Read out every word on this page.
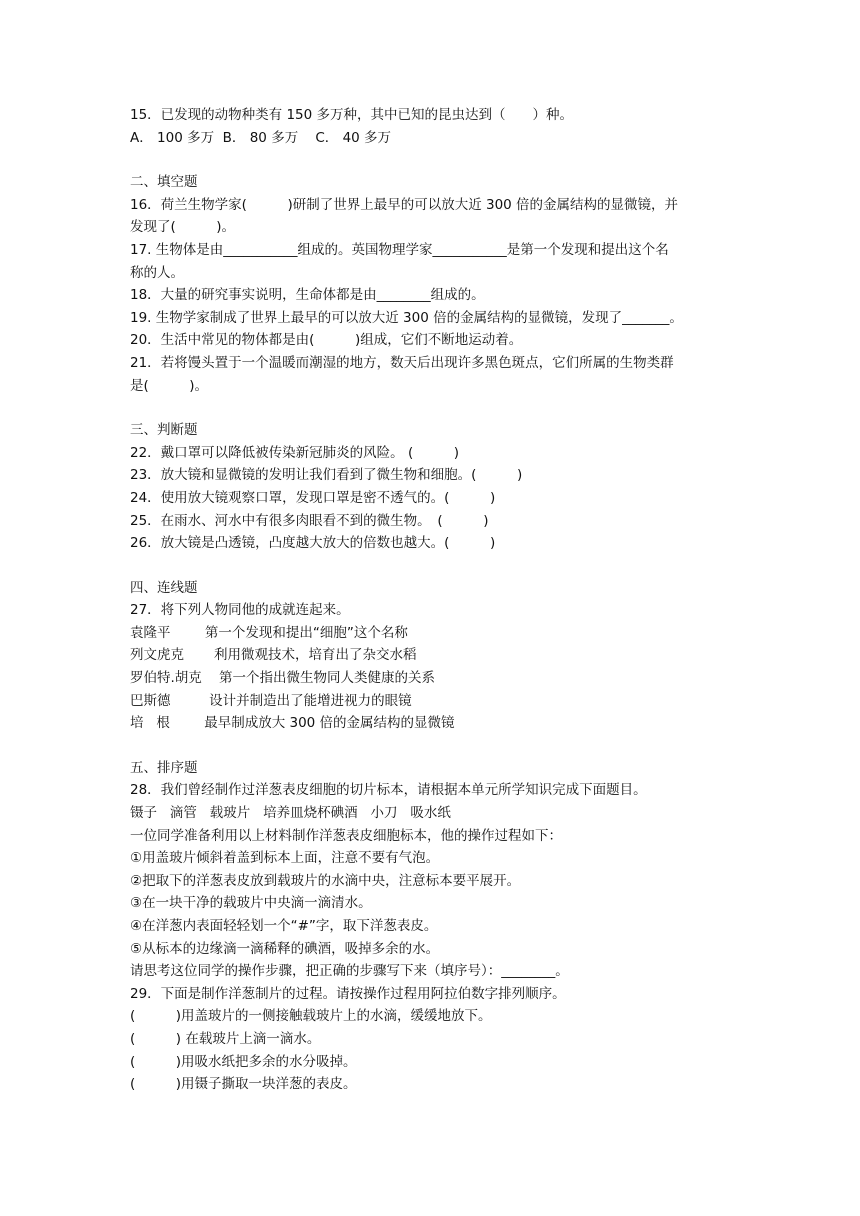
15．已发现的动物种类有 150 多万种，其中已知的昆虫达到（　　）种。
A． 100 多万  B． 80 多万    C． 40 多万
二、填空题
16．荷兰生物学家(　　　)研制了世界上最早的可以放大近 300 倍的金属结构的显微镜，并
发现了(　　　)。
17. 生物体是由___________组成的。英国物理学家___________是第一个发现和提出这个名
称的人。
18．大量的研究事实说明，生命体都是由________组成的。
19. 生物学家制成了世界上最早的可以放大近 300 倍的金属结构的显微镜，发现了_______。
20．生活中常见的物体都是由(　　　)组成，它们不断地运动着。
21．若将馒头置于一个温暖而潮湿的地方，数天后出现许多黑色斑点，它们所属的生物类群
是(　　　)。
三、判断题
22．戴口罩可以降低被传染新冠肺炎的风险。 (　　　)
23．放大镜和显微镜的发明让我们看到了微生物和细胞。(　　　)
24．使用放大镜观察口罩，发现口罩是密不透气的。(　　　)
25．在雨水、河水中有很多肉眼看不到的微生物。　(　　　)
26．放大镜是凸透镜，凸度越大放大的倍数也越大。(　　　)
四、连线题
27．将下列人物同他的成就连起来。
袁隆平        第一个发现和提出“细胞”这个名称
列文虎克       利用微观技术，培育出了杂交水稻
罗伯特.胡克    第一个指出微生物同人类健康的关系
巴斯德         设计并制造出了能增进视力的眼镜
培   根        最早制成放大 300 倍的金属结构的显微镜
五、排序题
28．我们曾经制作过洋葱表皮细胞的切片标本，请根据本单元所学知识完成下面题目。
镊子   滴管   载玻片   培养皿烧杯碘酒   小刀   吸水纸
一位同学准备利用以上材料制作洋葱表皮细胞标本，他的操作过程如下：
①用盖玻片倾斜着盖到标本上面，注意不要有气泡。
②把取下的洋葱表皮放到载玻片的水滴中央，注意标本要平展开。
③在一块干净的载玻片中央滴一滴清水。
④在洋葱内表面轻轻划一个“#”字，取下洋葱表皮。
⑤从标本的边缘滴一滴稀释的碘酒，吸掉多余的水。
请思考这位同学的操作步骤，把正确的步骤写下来（填序号）：________。
29．下面是制作洋葱制片的过程。请按操作过程用阿拉伯数字排列顺序。
(　　　)用盖玻片的一侧接触载玻片上的水滴，缓缓地放下。
(　　　) 在载玻片上滴一滴水。
(　　　)用吸水纸把多余的水分吸掉。
(　　　)用镊子撕取一块洋葱的表皮。
